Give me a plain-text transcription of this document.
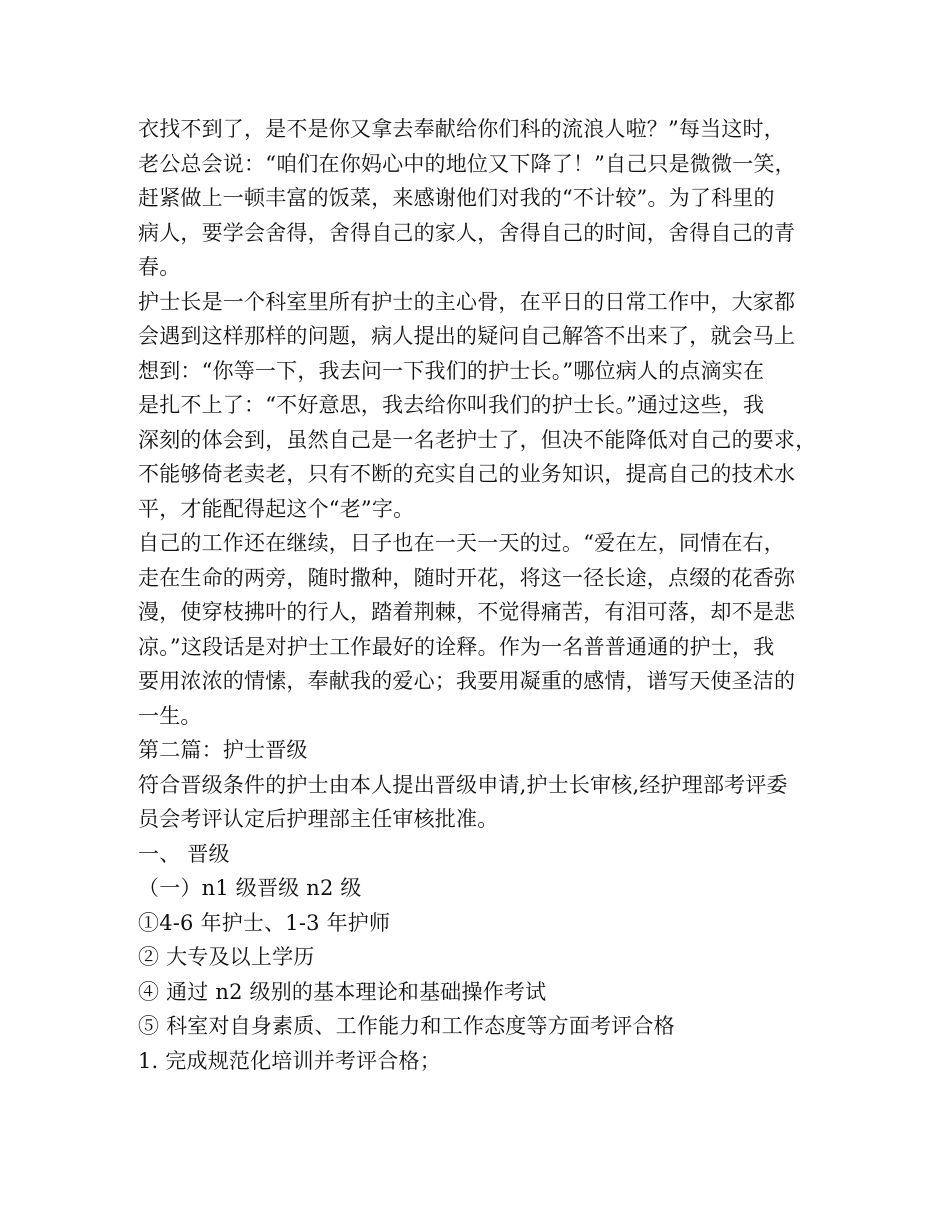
衣找不到了，是不是你又拿去奉献给你们科的流浪人啦？”每当这时，
老公总会说：“咱们在你妈心中的地位又下降了！”自己只是微微一笑，
赶紧做上一顿丰富的饭菜，来感谢他们对我的“不计较”。为了科里的
病人，要学会舍得，舍得自己的家人，舍得自己的时间，舍得自己的青
春。
护士长是一个科室里所有护士的主心骨，在平日的日常工作中，大家都
会遇到这样那样的问题，病人提出的疑问自己解答不出来了，就会马上
想到：“你等一下，我去问一下我们的护士长。”哪位病人的点滴实在
是扎不上了：“不好意思，我去给你叫我们的护士长。”通过这些，我
深刻的体会到，虽然自己是一名老护士了，但决不能降低对自己的要求，
不能够倚老卖老，只有不断的充实自己的业务知识，提高自己的技术水
平，才能配得起这个“老”字。
自己的工作还在继续，日子也在一天一天的过。“爱在左，同情在右，
走在生命的两旁，随时撒种，随时开花，将这一径长途，点缀的花香弥
漫，使穿枝拂叶的行人，踏着荆棘，不觉得痛苦，有泪可落，却不是悲
凉。”这段话是对护士工作最好的诠释。作为一名普普通通的护士，我
要用浓浓的情愫，奉献我的爱心；我要用凝重的感情，谱写天使圣洁的
一生。
第二篇：护士晋级
符合晋级条件的护士由本人提出晋级申请,护士长审核,经护理部考评委
员会考评认定后护理部主任审核批准。
一、 晋级
（一）n1 级晋级 n2 级
①4-6 年护士、1-3 年护师
② 大专及以上学历
④ 通过 n2 级别的基本理论和基础操作考试
⑤ 科室对自身素质、工作能力和工作态度等方面考评合格
1. 完成规范化培训并考评合格；
